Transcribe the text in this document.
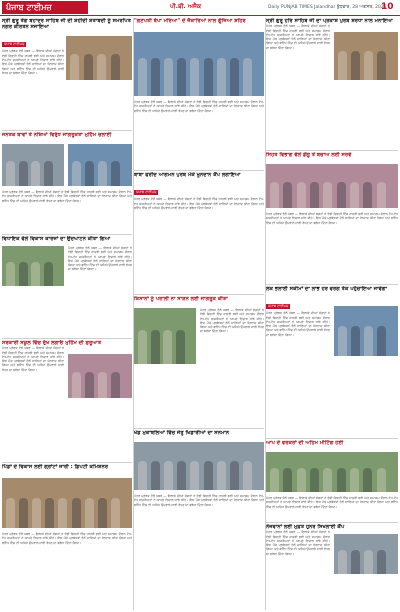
ਪੰਜਾਬ ਟਾਈਮਜ਼	ਪੀ.ਬੀ. ਅਜੈਕ	Daily PUNJAB TIMES Jalandhar ਬੁੱਧਵਾਰ, 28 ਅਗਸਤ, 2025
10
ਸ੍ਰੀ ਗੁਰੂ ਤੇਗ ਬਹਾਦਰ ਸਾਹਿਬ ਜੀ ਦੀ ਸ਼ਹੀਦੀ ਸ਼ਤਾਬਦੀ ਨੂੰ ਸਮਰਪਿਤ ਨਗਰ ਕੀਰਤਨ ਸਜਾਇਆ
ਪੰਜਾਬ ਟਾਈਮਜ਼
ਪੱਤਰ ਪ੍ਰੇਰਕ ਵੱਲੋਂ ਖ਼ਬਰ — ਇਲਾਕੇ ਦੀਆਂ ਸੰਗਤਾਂ ਨੇ ਵੱਡੀ ਗਿਣਤੀ ਵਿੱਚ ਹਾਜ਼ਰੀ ਭਰੀ ਅਤੇ ਸਮਾਗਮ ਦੌਰਾਨ ਵੱਖ-ਵੱਖ ਸ਼ਖ਼ਸੀਅਤਾਂ ਨੇ ਆਪਣੇ ਵਿਚਾਰ ਸਾਂਝੇ ਕੀਤੇ। ਇਸ ਮੌਕੇ ਪ੍ਰਬੰਧਕਾਂ ਵੱਲੋਂ ਸਾਰਿਆਂ ਦਾ ਧੰਨਵਾਦ ਕੀਤਾ ਗਿਆ ਅਤੇ ਭਵਿੱਖ ਵਿੱਚ ਵੀ ਅਜਿਹੇ ਉਪਰਾਲੇ ਜਾਰੀ ਰੱਖਣ ਦਾ ਭਰੋਸਾ ਦਿੱਤਾ ਗਿਆ।
ਜਨਤਕ ਥਾਵਾਂ ਤੇ ਨਸ਼ਿਆਂ ਵਿਰੁੱਧ ਜਾਗਰੂਕਤਾ ਮੁਹਿੰਮ ਚਲਾਈ
ਪੱਤਰ ਪ੍ਰੇਰਕ ਵੱਲੋਂ ਖ਼ਬਰ — ਇਲਾਕੇ ਦੀਆਂ ਸੰਗਤਾਂ ਨੇ ਵੱਡੀ ਗਿਣਤੀ ਵਿੱਚ ਹਾਜ਼ਰੀ ਭਰੀ ਅਤੇ ਸਮਾਗਮ ਦੌਰਾਨ ਵੱਖ-ਵੱਖ ਸ਼ਖ਼ਸੀਅਤਾਂ ਨੇ ਆਪਣੇ ਵਿਚਾਰ ਸਾਂਝੇ ਕੀਤੇ। ਇਸ ਮੌਕੇ ਪ੍ਰਬੰਧਕਾਂ ਵੱਲੋਂ ਸਾਰਿਆਂ ਦਾ ਧੰਨਵਾਦ ਕੀਤਾ ਗਿਆ ਅਤੇ ਭਵਿੱਖ ਵਿੱਚ ਵੀ ਅਜਿਹੇ ਉਪਰਾਲੇ ਜਾਰੀ ਰੱਖਣ ਦਾ ਭਰੋਸਾ ਦਿੱਤਾ ਗਿਆ।
ਵਿਧਾਇਕ ਵੱਲੋਂ ਵਿਕਾਸ ਕਾਰਜਾਂ ਦਾ ਉਦਘਾਟਨ ਕੀਤਾ ਗਿਆ
ਪੱਤਰ ਪ੍ਰੇਰਕ ਵੱਲੋਂ ਖ਼ਬਰ — ਇਲਾਕੇ ਦੀਆਂ ਸੰਗਤਾਂ ਨੇ ਵੱਡੀ ਗਿਣਤੀ ਵਿੱਚ ਹਾਜ਼ਰੀ ਭਰੀ ਅਤੇ ਸਮਾਗਮ ਦੌਰਾਨ ਵੱਖ-ਵੱਖ ਸ਼ਖ਼ਸੀਅਤਾਂ ਨੇ ਆਪਣੇ ਵਿਚਾਰ ਸਾਂਝੇ ਕੀਤੇ। ਇਸ ਮੌਕੇ ਪ੍ਰਬੰਧਕਾਂ ਵੱਲੋਂ ਸਾਰਿਆਂ ਦਾ ਧੰਨਵਾਦ ਕੀਤਾ ਗਿਆ ਅਤੇ ਭਵਿੱਖ ਵਿੱਚ ਵੀ ਅਜਿਹੇ ਉਪਰਾਲੇ ਜਾਰੀ ਰੱਖਣ ਦਾ ਭਰੋਸਾ ਦਿੱਤਾ ਗਿਆ।
ਸਰਕਾਰੀ ਸਕੂਲ ਵਿੱਚ ਰੁੱਖ ਲਗਾਓ ਮੁਹਿੰਮ ਦੀ ਸ਼ੁਰੂਆਤ
ਪੱਤਰ ਪ੍ਰੇਰਕ ਵੱਲੋਂ ਖ਼ਬਰ — ਇਲਾਕੇ ਦੀਆਂ ਸੰਗਤਾਂ ਨੇ ਵੱਡੀ ਗਿਣਤੀ ਵਿੱਚ ਹਾਜ਼ਰੀ ਭਰੀ ਅਤੇ ਸਮਾਗਮ ਦੌਰਾਨ ਵੱਖ-ਵੱਖ ਸ਼ਖ਼ਸੀਅਤਾਂ ਨੇ ਆਪਣੇ ਵਿਚਾਰ ਸਾਂਝੇ ਕੀਤੇ। ਇਸ ਮੌਕੇ ਪ੍ਰਬੰਧਕਾਂ ਵੱਲੋਂ ਸਾਰਿਆਂ ਦਾ ਧੰਨਵਾਦ ਕੀਤਾ ਗਿਆ ਅਤੇ ਭਵਿੱਖ ਵਿੱਚ ਵੀ ਅਜਿਹੇ ਉਪਰਾਲੇ ਜਾਰੀ ਰੱਖਣ ਦਾ ਭਰੋਸਾ ਦਿੱਤਾ ਗਿਆ।
ਪਿੰਡਾਂ ਦੇ ਵਿਕਾਸ ਲਈ ਗ੍ਰਾਂਟਾਂ ਜਾਰੀ : ਡਿਪਟੀ ਕਮਿਸ਼ਨਰ
ਪੱਤਰ ਪ੍ਰੇਰਕ ਵੱਲੋਂ ਖ਼ਬਰ — ਇਲਾਕੇ ਦੀਆਂ ਸੰਗਤਾਂ ਨੇ ਵੱਡੀ ਗਿਣਤੀ ਵਿੱਚ ਹਾਜ਼ਰੀ ਭਰੀ ਅਤੇ ਸਮਾਗਮ ਦੌਰਾਨ ਵੱਖ-ਵੱਖ ਸ਼ਖ਼ਸੀਅਤਾਂ ਨੇ ਆਪਣੇ ਵਿਚਾਰ ਸਾਂਝੇ ਕੀਤੇ। ਇਸ ਮੌਕੇ ਪ੍ਰਬੰਧਕਾਂ ਵੱਲੋਂ ਸਾਰਿਆਂ ਦਾ ਧੰਨਵਾਦ ਕੀਤਾ ਗਿਆ ਅਤੇ ਭਵਿੱਖ ਵਿੱਚ ਵੀ ਅਜਿਹੇ ਉਪਰਾਲੇ ਜਾਰੀ ਰੱਖਣ ਦਾ ਭਰੋਸਾ ਦਿੱਤਾ ਗਿਆ।
"ਗਣਪਤੀ ਬੱਪਾ ਮੋਰਿਆ" ਦੇ ਜੈਕਾਰਿਆਂ ਨਾਲ ਗੂੰਜਿਆ ਸ਼ਹਿਰ
ਪੱਤਰ ਪ੍ਰੇਰਕ ਵੱਲੋਂ ਖ਼ਬਰ — ਇਲਾਕੇ ਦੀਆਂ ਸੰਗਤਾਂ ਨੇ ਵੱਡੀ ਗਿਣਤੀ ਵਿੱਚ ਹਾਜ਼ਰੀ ਭਰੀ ਅਤੇ ਸਮਾਗਮ ਦੌਰਾਨ ਵੱਖ-ਵੱਖ ਸ਼ਖ਼ਸੀਅਤਾਂ ਨੇ ਆਪਣੇ ਵਿਚਾਰ ਸਾਂਝੇ ਕੀਤੇ। ਇਸ ਮੌਕੇ ਪ੍ਰਬੰਧਕਾਂ ਵੱਲੋਂ ਸਾਰਿਆਂ ਦਾ ਧੰਨਵਾਦ ਕੀਤਾ ਗਿਆ ਅਤੇ ਭਵਿੱਖ ਵਿੱਚ ਵੀ ਅਜਿਹੇ ਉਪਰਾਲੇ ਜਾਰੀ ਰੱਖਣ ਦਾ ਭਰੋਸਾ ਦਿੱਤਾ ਗਿਆ।
ਬਾਬਾ ਫਰੀਦ ਆਗਮਨ ਪੁਰਬ ਮੌਕੇ ਖੂਨਦਾਨ ਕੈਂਪ ਲਗਾਇਆ
ਪੰਜਾਬ ਟਾਈਮਜ਼
ਪੱਤਰ ਪ੍ਰੇਰਕ ਵੱਲੋਂ ਖ਼ਬਰ — ਇਲਾਕੇ ਦੀਆਂ ਸੰਗਤਾਂ ਨੇ ਵੱਡੀ ਗਿਣਤੀ ਵਿੱਚ ਹਾਜ਼ਰੀ ਭਰੀ ਅਤੇ ਸਮਾਗਮ ਦੌਰਾਨ ਵੱਖ-ਵੱਖ ਸ਼ਖ਼ਸੀਅਤਾਂ ਨੇ ਆਪਣੇ ਵਿਚਾਰ ਸਾਂਝੇ ਕੀਤੇ। ਇਸ ਮੌਕੇ ਪ੍ਰਬੰਧਕਾਂ ਵੱਲੋਂ ਸਾਰਿਆਂ ਦਾ ਧੰਨਵਾਦ ਕੀਤਾ ਗਿਆ ਅਤੇ ਭਵਿੱਖ ਵਿੱਚ ਵੀ ਅਜਿਹੇ ਉਪਰਾਲੇ ਜਾਰੀ ਰੱਖਣ ਦਾ ਭਰੋਸਾ ਦਿੱਤਾ ਗਿਆ।
ਕਿਸਾਨਾਂ ਨੂੰ ਪਰਾਲੀ ਨਾ ਸਾੜਨ ਲਈ ਜਾਗਰੂਕ ਕੀਤਾ
ਪੱਤਰ ਪ੍ਰੇਰਕ ਵੱਲੋਂ ਖ਼ਬਰ — ਇਲਾਕੇ ਦੀਆਂ ਸੰਗਤਾਂ ਨੇ ਵੱਡੀ ਗਿਣਤੀ ਵਿੱਚ ਹਾਜ਼ਰੀ ਭਰੀ ਅਤੇ ਸਮਾਗਮ ਦੌਰਾਨ ਵੱਖ-ਵੱਖ ਸ਼ਖ਼ਸੀਅਤਾਂ ਨੇ ਆਪਣੇ ਵਿਚਾਰ ਸਾਂਝੇ ਕੀਤੇ। ਇਸ ਮੌਕੇ ਪ੍ਰਬੰਧਕਾਂ ਵੱਲੋਂ ਸਾਰਿਆਂ ਦਾ ਧੰਨਵਾਦ ਕੀਤਾ ਗਿਆ ਅਤੇ ਭਵਿੱਖ ਵਿੱਚ ਵੀ ਅਜਿਹੇ ਉਪਰਾਲੇ ਜਾਰੀ ਰੱਖਣ ਦਾ ਭਰੋਸਾ ਦਿੱਤਾ ਗਿਆ।
ਖੇਡ ਮੁਕਾਬਲਿਆਂ ਵਿੱਚ ਜੇਤੂ ਖਿਡਾਰੀਆਂ ਦਾ ਸਨਮਾਨ
ਪੱਤਰ ਪ੍ਰੇਰਕ ਵੱਲੋਂ ਖ਼ਬਰ — ਇਲਾਕੇ ਦੀਆਂ ਸੰਗਤਾਂ ਨੇ ਵੱਡੀ ਗਿਣਤੀ ਵਿੱਚ ਹਾਜ਼ਰੀ ਭਰੀ ਅਤੇ ਸਮਾਗਮ ਦੌਰਾਨ ਵੱਖ-ਵੱਖ ਸ਼ਖ਼ਸੀਅਤਾਂ ਨੇ ਆਪਣੇ ਵਿਚਾਰ ਸਾਂਝੇ ਕੀਤੇ। ਇਸ ਮੌਕੇ ਪ੍ਰਬੰਧਕਾਂ ਵੱਲੋਂ ਸਾਰਿਆਂ ਦਾ ਧੰਨਵਾਦ ਕੀਤਾ ਗਿਆ ਅਤੇ ਭਵਿੱਖ ਵਿੱਚ ਵੀ ਅਜਿਹੇ ਉਪਰਾਲੇ ਜਾਰੀ ਰੱਖਣ ਦਾ ਭਰੋਸਾ ਦਿੱਤਾ ਗਿਆ।
ਸ੍ਰੀ ਗੁਰੂ ਹਰਿ ਸਾਹਿਬ ਜੀ ਦਾ ਪ੍ਰਕਾਸ਼ ਪੁਰਬ ਸ਼ਰਧਾ ਨਾਲ ਮਨਾਇਆ
ਪੱਤਰ ਪ੍ਰੇਰਕ ਵੱਲੋਂ ਖ਼ਬਰ — ਇਲਾਕੇ ਦੀਆਂ ਸੰਗਤਾਂ ਨੇ ਵੱਡੀ ਗਿਣਤੀ ਵਿੱਚ ਹਾਜ਼ਰੀ ਭਰੀ ਅਤੇ ਸਮਾਗਮ ਦੌਰਾਨ ਵੱਖ-ਵੱਖ ਸ਼ਖ਼ਸੀਅਤਾਂ ਨੇ ਆਪਣੇ ਵਿਚਾਰ ਸਾਂਝੇ ਕੀਤੇ। ਇਸ ਮੌਕੇ ਪ੍ਰਬੰਧਕਾਂ ਵੱਲੋਂ ਸਾਰਿਆਂ ਦਾ ਧੰਨਵਾਦ ਕੀਤਾ ਗਿਆ ਅਤੇ ਭਵਿੱਖ ਵਿੱਚ ਵੀ ਅਜਿਹੇ ਉਪਰਾਲੇ ਜਾਰੀ ਰੱਖਣ ਦਾ ਭਰੋਸਾ ਦਿੱਤਾ ਗਿਆ।
ਸਿਹਤ ਵਿਭਾਗ ਵੱਲੋਂ ਡੇਂਗੂ ਤੋਂ ਬਚਾਅ ਲਈ ਸਰਵੇ
ਪੱਤਰ ਪ੍ਰੇਰਕ ਵੱਲੋਂ ਖ਼ਬਰ — ਇਲਾਕੇ ਦੀਆਂ ਸੰਗਤਾਂ ਨੇ ਵੱਡੀ ਗਿਣਤੀ ਵਿੱਚ ਹਾਜ਼ਰੀ ਭਰੀ ਅਤੇ ਸਮਾਗਮ ਦੌਰਾਨ ਵੱਖ-ਵੱਖ ਸ਼ਖ਼ਸੀਅਤਾਂ ਨੇ ਆਪਣੇ ਵਿਚਾਰ ਸਾਂਝੇ ਕੀਤੇ। ਇਸ ਮੌਕੇ ਪ੍ਰਬੰਧਕਾਂ ਵੱਲੋਂ ਸਾਰਿਆਂ ਦਾ ਧੰਨਵਾਦ ਕੀਤਾ ਗਿਆ ਅਤੇ ਭਵਿੱਖ ਵਿੱਚ ਵੀ ਅਜਿਹੇ ਉਪਰਾਲੇ ਜਾਰੀ ਰੱਖਣ ਦਾ ਭਰੋਸਾ ਦਿੱਤਾ ਗਿਆ।
ਲੋਕ ਭਲਾਈ ਸਕੀਮਾਂ ਦਾ ਲਾਭ ਹਰ ਵਰਗ ਤੱਕ ਪਹੁੰਚਾਇਆ ਜਾਵੇਗਾ
ਪੰਜਾਬ ਟਾਈਮਜ਼
ਪੱਤਰ ਪ੍ਰੇਰਕ ਵੱਲੋਂ ਖ਼ਬਰ — ਇਲਾਕੇ ਦੀਆਂ ਸੰਗਤਾਂ ਨੇ ਵੱਡੀ ਗਿਣਤੀ ਵਿੱਚ ਹਾਜ਼ਰੀ ਭਰੀ ਅਤੇ ਸਮਾਗਮ ਦੌਰਾਨ ਵੱਖ-ਵੱਖ ਸ਼ਖ਼ਸੀਅਤਾਂ ਨੇ ਆਪਣੇ ਵਿਚਾਰ ਸਾਂਝੇ ਕੀਤੇ। ਇਸ ਮੌਕੇ ਪ੍ਰਬੰਧਕਾਂ ਵੱਲੋਂ ਸਾਰਿਆਂ ਦਾ ਧੰਨਵਾਦ ਕੀਤਾ ਗਿਆ ਅਤੇ ਭਵਿੱਖ ਵਿੱਚ ਵੀ ਅਜਿਹੇ ਉਪਰਾਲੇ ਜਾਰੀ ਰੱਖਣ ਦਾ ਭਰੋਸਾ ਦਿੱਤਾ ਗਿਆ।
ਆਪ ਦੇ ਵਰਕਰਾਂ ਦੀ ਅਹਿਮ ਮੀਟਿੰਗ ਹੋਈ
ਪੱਤਰ ਪ੍ਰੇਰਕ ਵੱਲੋਂ ਖ਼ਬਰ — ਇਲਾਕੇ ਦੀਆਂ ਸੰਗਤਾਂ ਨੇ ਵੱਡੀ ਗਿਣਤੀ ਵਿੱਚ ਹਾਜ਼ਰੀ ਭਰੀ ਅਤੇ ਸਮਾਗਮ ਦੌਰਾਨ ਵੱਖ-ਵੱਖ ਸ਼ਖ਼ਸੀਅਤਾਂ ਨੇ ਆਪਣੇ ਵਿਚਾਰ ਸਾਂਝੇ ਕੀਤੇ। ਇਸ ਮੌਕੇ ਪ੍ਰਬੰਧਕਾਂ ਵੱਲੋਂ ਸਾਰਿਆਂ ਦਾ ਧੰਨਵਾਦ ਕੀਤਾ ਗਿਆ ਅਤੇ ਭਵਿੱਖ ਵਿੱਚ ਵੀ ਅਜਿਹੇ ਉਪਰਾਲੇ ਜਾਰੀ ਰੱਖਣ ਦਾ ਭਰੋਸਾ ਦਿੱਤਾ ਗਿਆ।
ਨੌਜਵਾਨਾਂ ਲਈ ਮੁਫ਼ਤ ਹੁਨਰ ਸਿਖਲਾਈ ਕੈਂਪ
ਪੱਤਰ ਪ੍ਰੇਰਕ ਵੱਲੋਂ ਖ਼ਬਰ — ਇਲਾਕੇ ਦੀਆਂ ਸੰਗਤਾਂ ਨੇ ਵੱਡੀ ਗਿਣਤੀ ਵਿੱਚ ਹਾਜ਼ਰੀ ਭਰੀ ਅਤੇ ਸਮਾਗਮ ਦੌਰਾਨ ਵੱਖ-ਵੱਖ ਸ਼ਖ਼ਸੀਅਤਾਂ ਨੇ ਆਪਣੇ ਵਿਚਾਰ ਸਾਂਝੇ ਕੀਤੇ। ਇਸ ਮੌਕੇ ਪ੍ਰਬੰਧਕਾਂ ਵੱਲੋਂ ਸਾਰਿਆਂ ਦਾ ਧੰਨਵਾਦ ਕੀਤਾ ਗਿਆ ਅਤੇ ਭਵਿੱਖ ਵਿੱਚ ਵੀ ਅਜਿਹੇ ਉਪਰਾਲੇ ਜਾਰੀ ਰੱਖਣ ਦਾ ਭਰੋਸਾ ਦਿੱਤਾ ਗਿਆ।
